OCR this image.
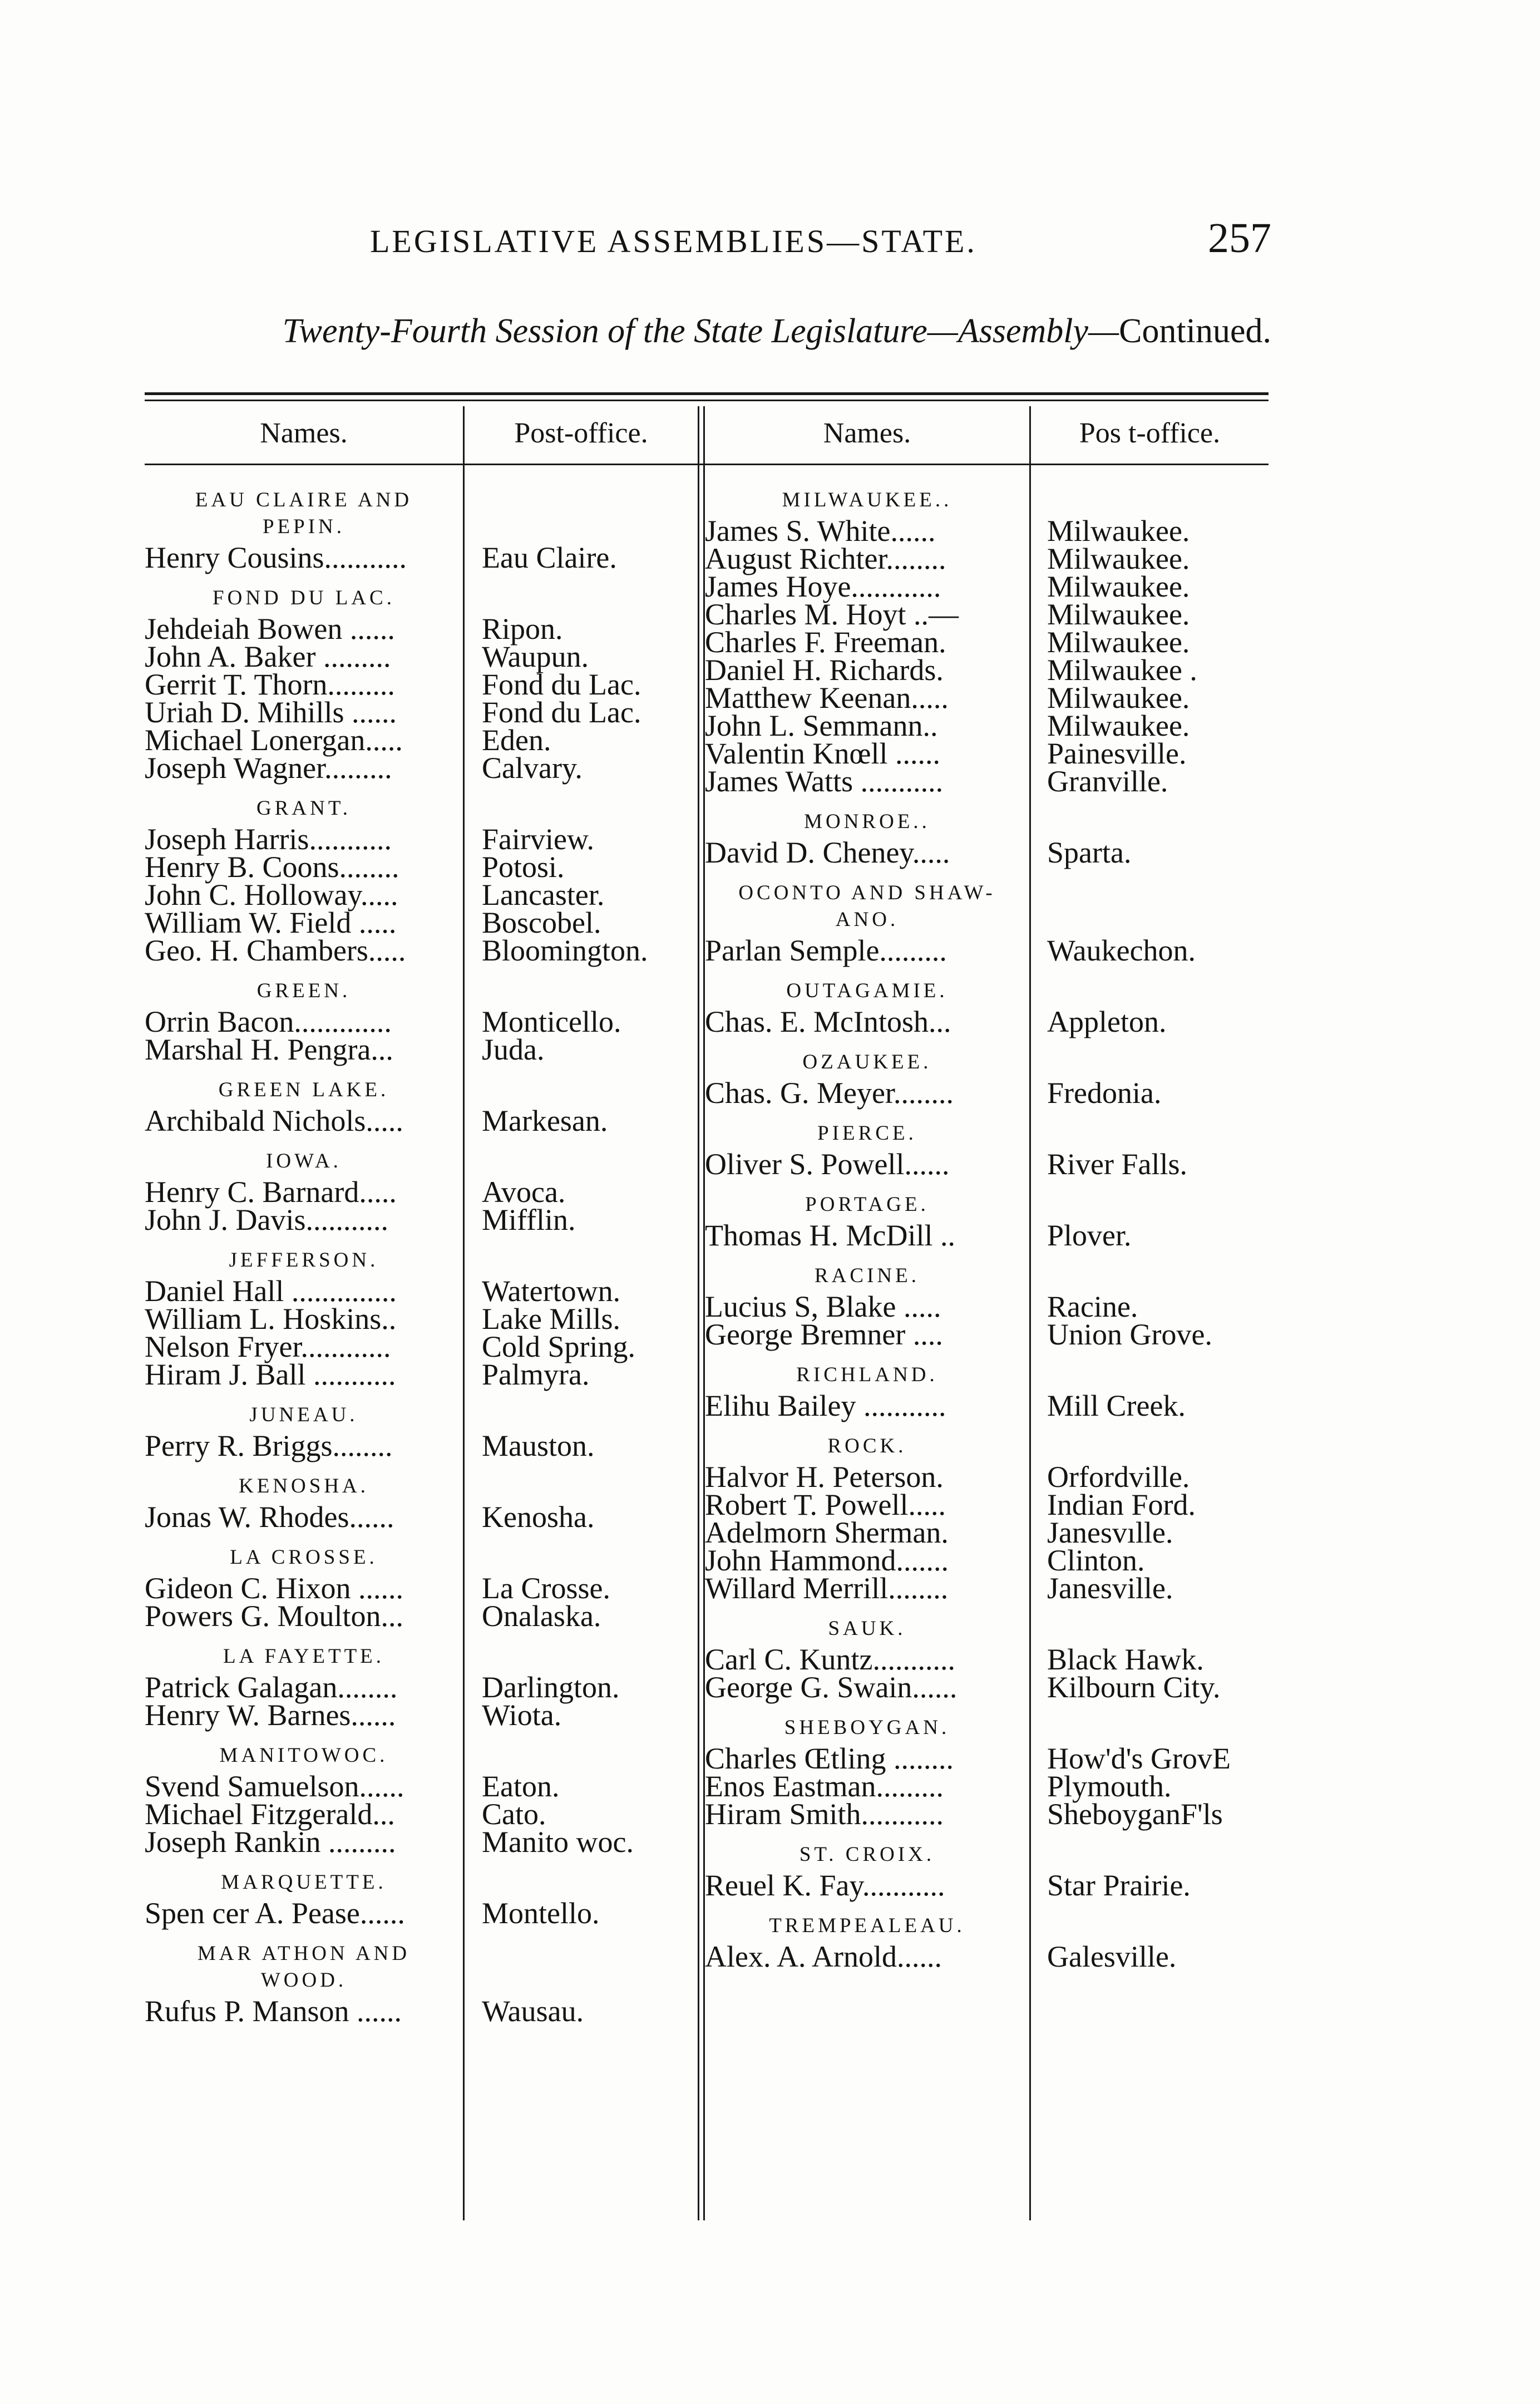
LEGISLATIVE ASSEMBLIES—STATE.	257
Twenty-Fourth Session of the State Legislature—Assembly—Continued.
Names.	Post-office.	Names.	Pos t-office.
EAU CLAIRE AND PEPIN.
Henry Cousins...........	Eau Claire.
FOND DU LAC.
Jehdeiah Bowen ......	Ripon.
John A. Baker .........	Waupun.
Gerrit T. Thorn.........	Fond du Lac.
Uriah D. Mihills ......	Fond du Lac.
Michael Lonergan.....	Eden.
Joseph Wagner.........	Calvary.
GRANT.
Joseph Harris...........	Fairview.
Henry B. Coons........	Potosi.
John C. Holloway.....	Lancaster.
William W. Field .....	Boscobel.
Geo. H. Chambers.....	Bloomington.
GREEN.
Orrin Bacon.............	Monticello.
Marshal H. Pengra...	Juda.
GREEN LAKE.
Archibald Nichols.....	Markesan.
IOWA.
Henry C. Barnard.....	Avoca.
John J. Davis...........	Mifflin.
JEFFERSON.
Daniel Hall ..............	Watertown.
William L. Hoskins..	Lake Mills.
Nelson Fryer............	Cold Spring.
Hiram J. Ball ...........	Palmyra.
JUNEAU.
Perry R. Briggs........	Mauston.
KENOSHA.
Jonas W. Rhodes......	Kenosha.
LA CROSSE.
Gideon C. Hixon ......	La Crosse.
Powers G. Moulton...	Onalaska.
LA FAYETTE.
Patrick Galagan........	Darlington.
Henry W. Barnes......	Wiota.
MANITOWOC.
Svend Samuelson......	Eaton.
Michael Fitzgerald...	Cato.
Joseph Rankin .........	Manito woc.
MARQUETTE.
Spen cer A. Pease......	Montello.
MAR ATHON AND WOOD.
Rufus P. Manson ......	Wausau.
MILWAUKEE..
James S. White......	Milwaukee.
August Richter........	Milwaukee.
James Hoye............	Milwaukee.
Charles M. Hoyt ..—	Milwaukee.
Charles F. Freeman.	Milwaukee.
Daniel H. Richards.	Milwaukee .
Matthew Keenan.....	Milwaukee.
John L. Semmann..	Milwaukee.
Valentin Knœll ......	Painesville.
James Watts ...........	Granville.
MONROE..
David D. Cheney.....	Sparta.
OCONTO AND SHAW-ANO.
Parlan Semple.........	Waukechon.
OUTAGAMIE.
Chas. E. McIntosh...	Appleton.
OZAUKEE.
Chas. G. Meyer........	Fredonia.
PIERCE.
Oliver S. Powell......	River Falls.
PORTAGE.
Thomas H. McDill ..	Plover.
RACINE.
Lucius S, Blake .....	Racine.
George Bremner ....	Union Grove.
RICHLAND.
Elihu Bailey ...........	Mill Creek.
ROCK.
Halvor H. Peterson.	Orfordville.
Robert T. Powell.....	Indian Ford.
Adelmorn Sherman.	Janesvılle.
John Hammond.......	Clinton.
Willard Merrill........	Janesville.
SAUK.
Carl C. Kuntz...........	Black Hawk.
George G. Swain......	Kilbourn City.
SHEBOYGAN.
Charles Œtling ........	How'd's GrovE
Enos Eastman.........	Plymouth.
Hiram Smith...........	SheboyganF'ls
ST. CROIX.
Reuel K. Fay...........	Star Prairie.
TREMPEALEAU.
Alex. A. Arnold......	Galesville.
